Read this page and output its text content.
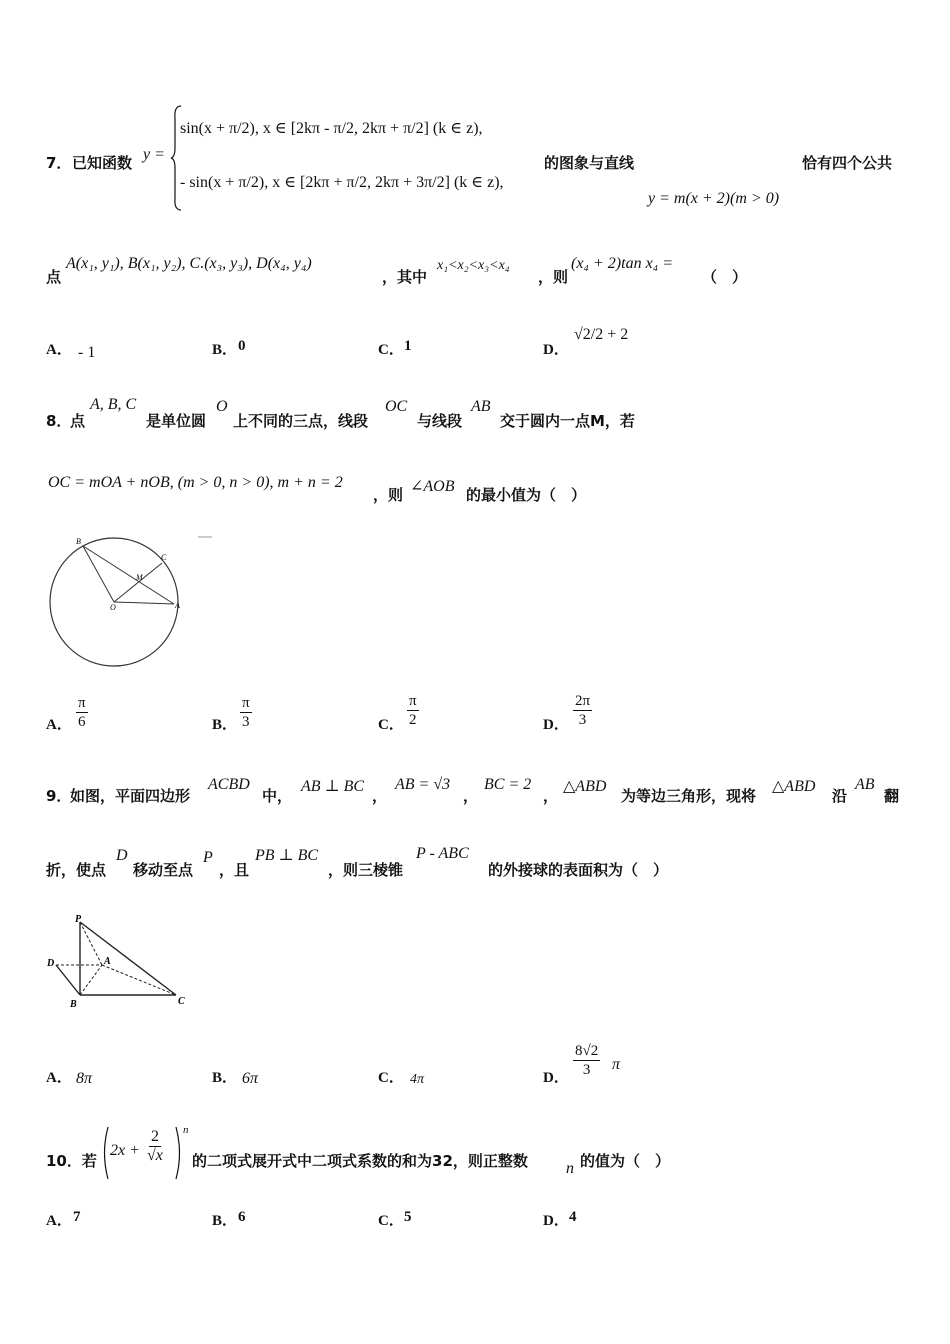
7． 已知函数 y =
sin(x + π/2), x ∈ [2kπ - π/2, 2kπ + π/2] (k ∈ z),
- sin(x + π/2), x ∈ [2kπ + π/2, 2kπ + 3π/2] (k ∈ z),
的图象与直线	恰有四个公共
y = m(x + 2)(m > 0)
点
A(x₁, y₁), B(x₁, y₂), C.(x₃, y₃), D(x₄, y₄)
，其中
x₁<x₂<x₃<x₄
，则
(x₄ + 2)tan x₄ =
（　）
A． - 1	B． 0	C． 1	D．
√2/2 + 2
8．
点
A, B, C
是单位圆
O
上不同的三点，线段
OC
与线段
AB
交于圆内一点M，若
OC = mOA + nOB, (m > 0, n > 0), m + n = 2
，则 ∠AOB 的最小值为（　）
B
C
M
O	A
A． $\frac{\pi}{6}$	B． $\frac{\pi}{3}$	C． $\frac{\pi}{2}$	D． $\frac{2\pi}{3}$
9．
如图，平面四边形
ACBD
中，
AB ⊥ BC
，
AB = √3
，
BC = 2
，
△ABD
为等边三角形，现将
△ABD
沿
AB
翻
折，使点
D
移动至点
P
，且
PB ⊥ BC
，则三棱锥
P - ABC
的外接球的表面积为（　）
P
D	A
B	C
A． 8π	B． 6π	C． 4π	D． $\frac{8√2}{3}$ π
10．若
$2x + \frac{2}{√x}$ n
的二项式展开式中二项式系数的和为32，则正整数 n 的值为（　）
A． 7	B． 6	C． 5	D． 4
